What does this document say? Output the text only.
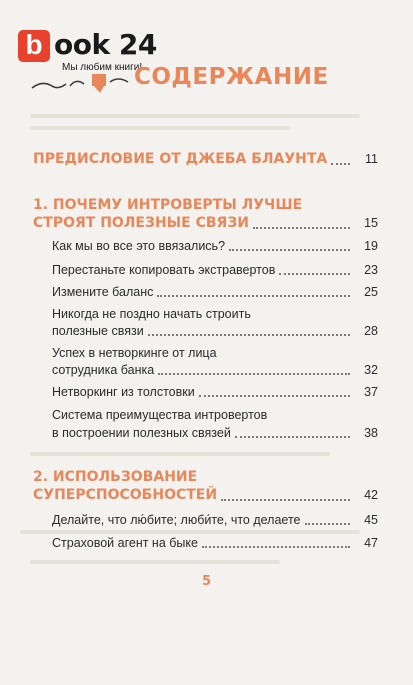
b ook 24
Мы любим книги!
СОДЕРЖАНИЕ
ПРЕДИСЛОВИЕ ОТ ДЖЕБА БЛАУНТА	11
1. ПОЧЕМУ ИНТРОВЕРТЫ ЛУЧШЕ
СТРОЯТ ПОЛЕЗНЫЕ СВЯЗИ	15
Как мы во все это ввязались?	19
Перестаньте копировать экстравертов	23
Измените баланс	25
Никогда не поздно начать строить
полезные связи	28
Успех в нетворкинге от лица
сотрудника банка	32
Нетворкинг из толстовки	37
Система преимущества интровертов
в построении полезных связей	38
2. ИСПОЛЬЗОВАНИЕ
СУПЕРСПОСОБНОСТЕЙ	42
Делайте, что лю́бите; люби́те, что делаете	45
Страховой агент на быке	47
5
